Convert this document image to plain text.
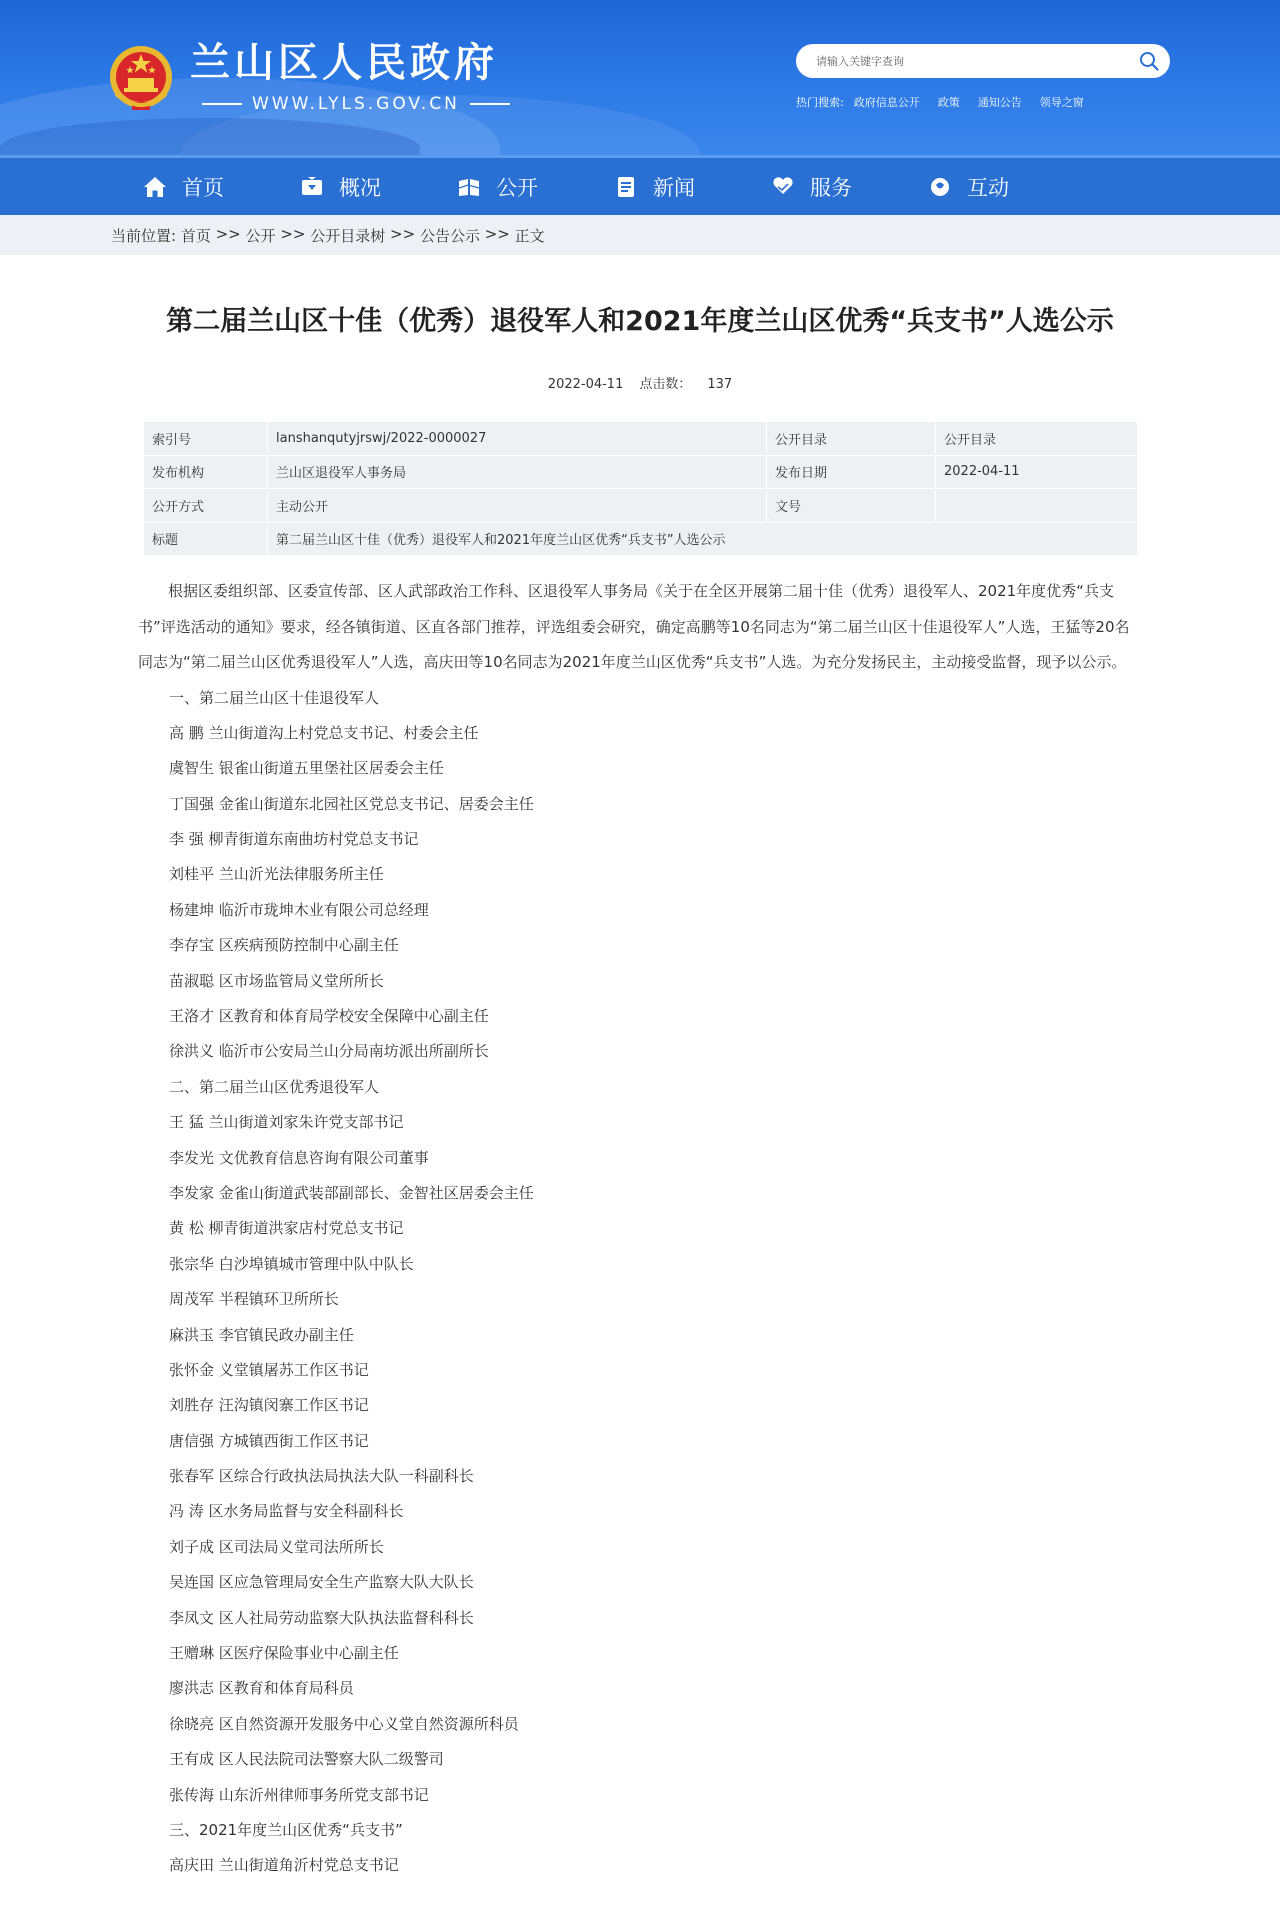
兰山区人民政府
WWW.LYLS.GOV.CN
请输入关键字查询	热门搜索: 政府信息公开 政策 通知公告 领导之窗
首页	概况	公开	新闻	服务	互动
当前位置: 首页 >> 公开 >> 公开目录树 >> 公告公示 >> 正文
第二届兰山区十佳（优秀）退役军人和2021年度兰山区优秀“兵支书”人选公示
2022-04-11 点击数： 137
索引号	lanshanqutyjrswj/2022-0000027	公开目录	公开目录
发布机构	兰山区退役军人事务局	发布日期	2022-04-11
公开方式	主动公开	文号	
标题	第二届兰山区十佳（优秀）退役军人和2021年度兰山区优秀“兵支书”人选公示		

根据区委组织部、区委宣传部、区人武部政治工作科、区退役军人事务局《关于在全区开展第二届十佳（优秀）退役军人、2021年度优秀“兵支书”评选活动的通知》要求，经各镇街道、区直各部门推荐，评选组委会研究，确定高鹏等10名同志为“第二届兰山区十佳退役军人”人选，王猛等20名同志为“第二届兰山区优秀退役军人”人选，高庆田等10名同志为2021年度兰山区优秀“兵支书”人选。为充分发扬民主，主动接受监督，现予以公示。

一、第二届兰山区十佳退役军人
高 鹏 兰山街道沟上村党总支书记、村委会主任
虞智生 银雀山街道五里堡社区居委会主任
丁国强 金雀山街道东北园社区党总支书记、居委会主任
李 强 柳青街道东南曲坊村党总支书记
刘桂平 兰山沂光法律服务所主任
杨建坤 临沂市珑坤木业有限公司总经理
李存宝 区疾病预防控制中心副主任
苗淑聪 区市场监管局义堂所所长
王洛才 区教育和体育局学校安全保障中心副主任
徐洪义 临沂市公安局兰山分局南坊派出所副所长
二、第二届兰山区优秀退役军人
王 猛 兰山街道刘家朱许党支部书记
李发光 文优教育信息咨询有限公司董事
李发家 金雀山街道武装部副部长、金智社区居委会主任
黄 松 柳青街道洪家店村党总支书记
张宗华 白沙埠镇城市管理中队中队长
周茂军 半程镇环卫所所长
麻洪玉 李官镇民政办副主任
张怀金 义堂镇屠苏工作区书记
刘胜存 汪沟镇闵寨工作区书记
唐信强 方城镇西街工作区书记
张春军 区综合行政执法局执法大队一科副科长
冯 涛 区水务局监督与安全科副科长
刘子成 区司法局义堂司法所所长
吴连国 区应急管理局安全生产监察大队大队长
李凤文 区人社局劳动监察大队执法监督科科长
王赠琳 区医疗保险事业中心副主任
廖洪志 区教育和体育局科员
徐晓亮 区自然资源开发服务中心义堂自然资源所科员
王有成 区人民法院司法警察大队二级警司
张传海 山东沂州律师事务所党支部书记
三、2021年度兰山区优秀“兵支书”
高庆田 兰山街道角沂村党总支书记
